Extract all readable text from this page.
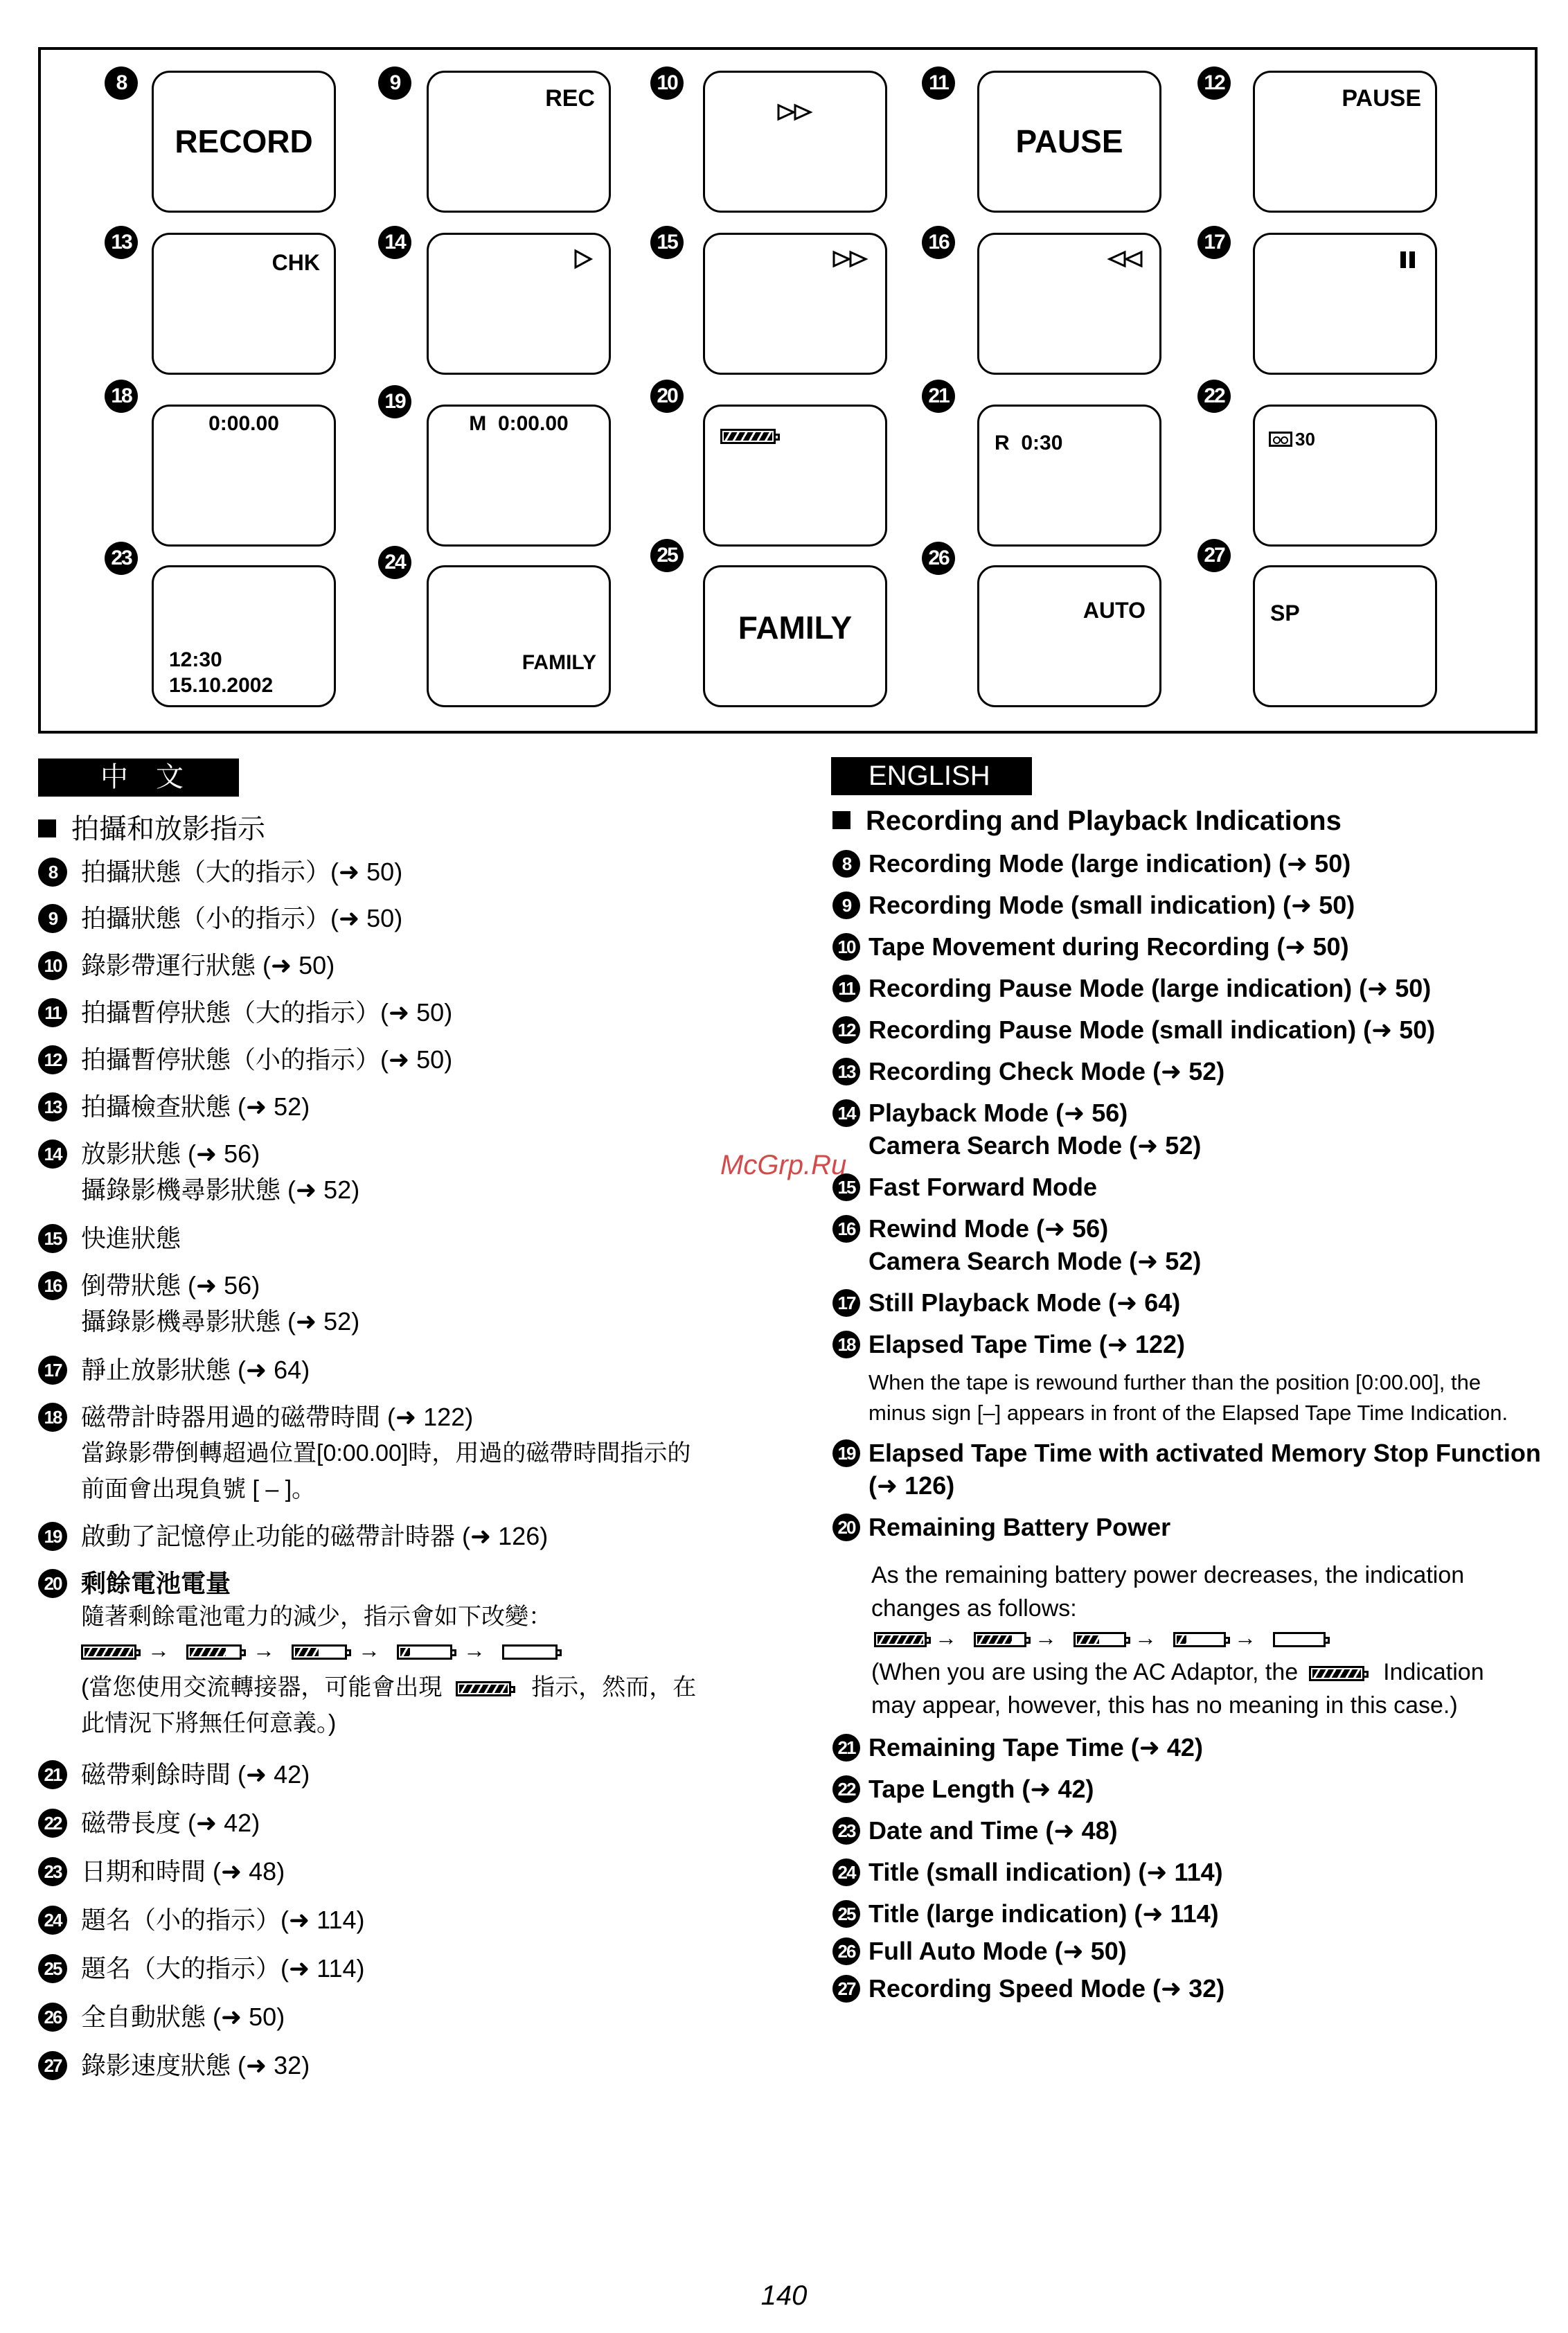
8
RECORD
9
REC
10	11
PAUSE
12
PAUSE
13
CHK
14	15	16	17
18
0:00.00
19
M  0:00.00
20	21
R  0:30
22
30
23
12:30
15.10.2002
24
FAMILY
25
FAMILY
26
AUTO
27
SP
中　文
拍攝和放影指示
8 拍攝狀態（大的指示）(➜ 50)
9 拍攝狀態（小的指示）(➜ 50)
10 錄影帶運行狀態 (➜ 50)
11 拍攝暫停狀態（大的指示）(➜ 50)
12 拍攝暫停狀態（小的指示）(➜ 50)
13 拍攝檢查狀態 (➜ 52)
14 放影狀態 (➜ 56)
攝錄影機尋影狀態 (➜ 52)
15 快進狀態
16 倒帶狀態 (➜ 56)
攝錄影機尋影狀態 (➜ 52)
17 靜止放影狀態 (➜ 64)
18 磁帶計時器用過的磁帶時間 (➜ 122)
當錄影帶倒轉超過位置[0:00.00]時，用過的磁帶時間指示的
前面會出現負號 [ – ]。
19 啟動了記憶停止功能的磁帶計時器 (➜ 126)
20 剩餘電池電量
隨著剩餘電池電力的減少，指示會如下改變：
→	→	→	→
(當您使用交流轉接器，可能會出現	指示，然而，在
此情況下將無任何意義。)
21 磁帶剩餘時間 (➜ 42)
22 磁帶長度 (➜ 42)
23 日期和時間 (➜ 48)
24 題名（小的指示）(➜ 114)
25 題名（大的指示）(➜ 114)
26 全自動狀態 (➜ 50)
27 錄影速度狀態 (➜ 32)
ENGLISH
Recording and Playback Indications
8 Recording Mode (large indication) (➜ 50)
9 Recording Mode (small indication) (➜ 50)
10 Tape Movement during Recording (➜ 50)
11 Recording Pause Mode (large indication) (➜ 50)
12 Recording Pause Mode (small indication) (➜ 50)
13 Recording Check Mode (➜ 52)
14 Playback Mode (➜ 56)
Camera Search Mode (➜ 52)
15 Fast Forward Mode
16 Rewind Mode (➜ 56)
Camera Search Mode (➜ 52)
17 Still Playback Mode (➜ 64)
18 Elapsed Tape Time (➜ 122)
When the tape is rewound further than the position [0:00.00], the
minus sign [–] appears in front of the Elapsed Tape Time Indication.
19 Elapsed Tape Time with activated Memory Stop Function
(➜ 126)
20 Remaining Battery Power
As the remaining battery power decreases, the indication
changes as follows:
→	→	→	→
(When you are using the AC Adaptor, the	Indication
may appear, however, this has no meaning in this case.)
21 Remaining Tape Time (➜ 42)
22 Tape Length (➜ 42)
23 Date and Time (➜ 48)
24 Title (small indication) (➜ 114)
25 Title (large indication) (➜ 114)
26 Full Auto Mode (➜ 50)
27 Recording Speed Mode (➜ 32)
McGrp.Ru
140
